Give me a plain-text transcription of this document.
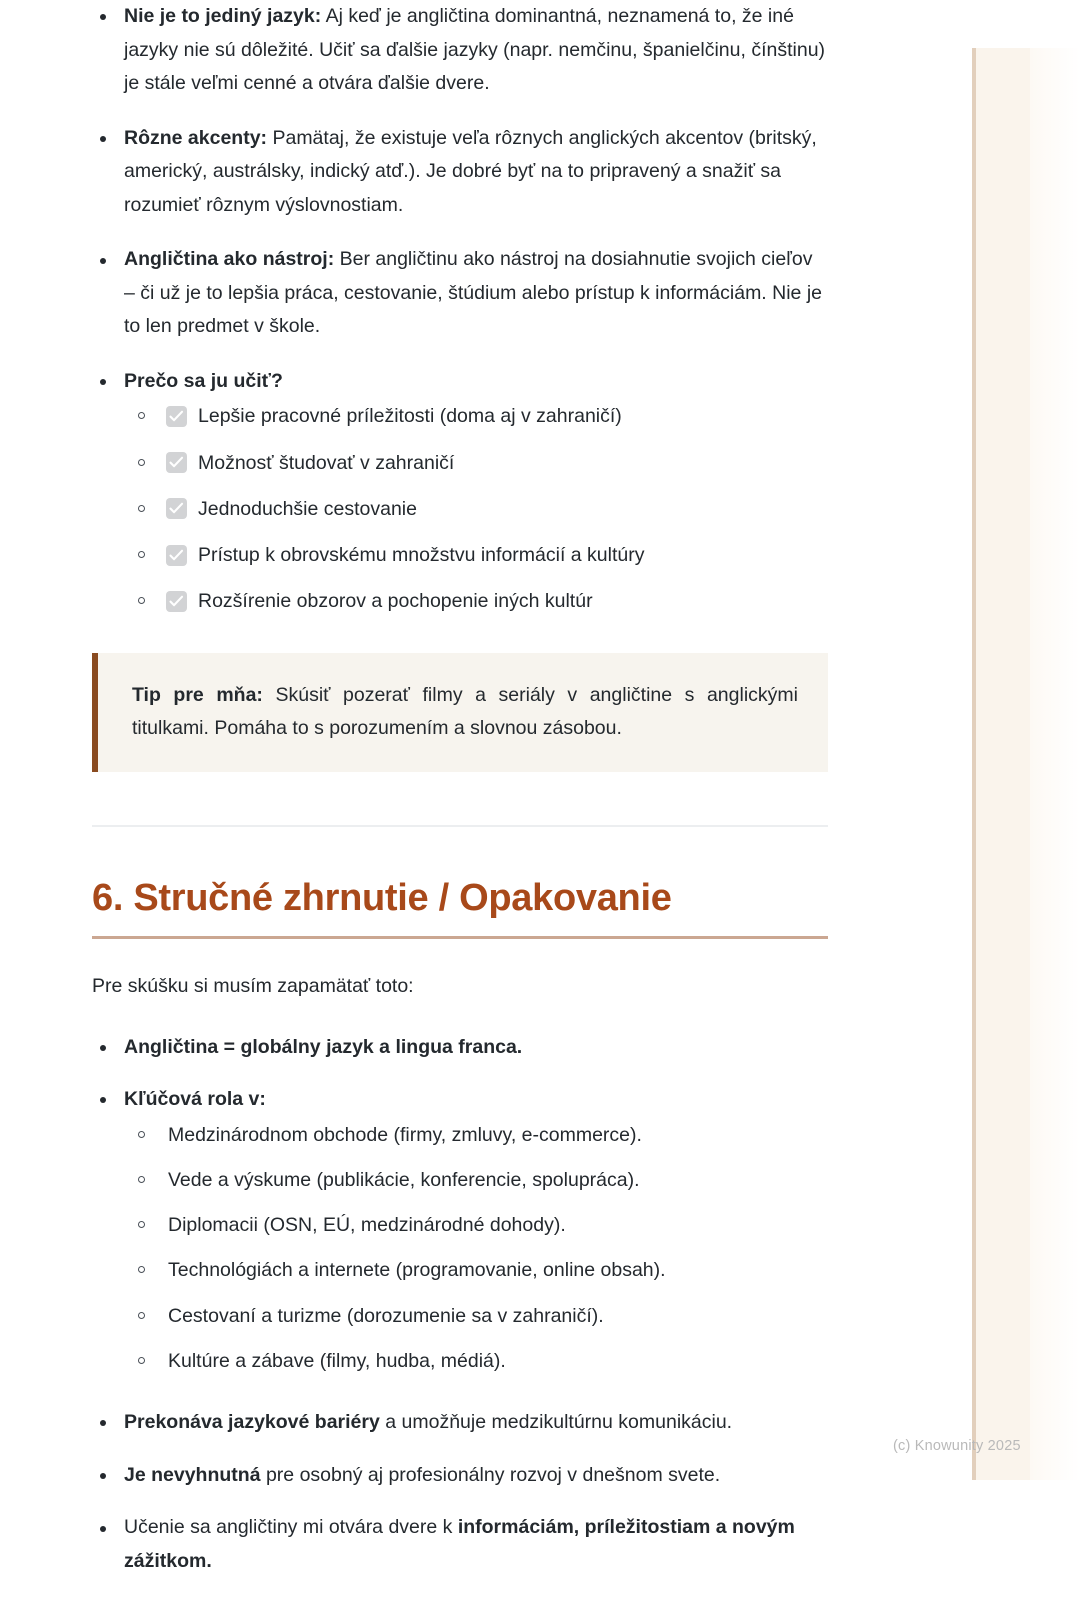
Nie je to jediný jazyk: Aj keď je angličtina dominantná, neznamená to, že iné jazyky nie sú dôležité. Učiť sa ďalšie jazyky (napr. nemčinu, španielčinu, čínštinu) je stále veľmi cenné a otvára ďalšie dvere.
Rôzne akcenty: Pamätaj, že existuje veľa rôznych anglických akcentov (britský, americký, austrálsky, indický atď.). Je dobré byť na to pripravený a snažiť sa rozumieť rôznym výslovnostiam.
Angličtina ako nástroj: Ber angličtinu ako nástroj na dosiahnutie svojich cieľov – či už je to lepšia práca, cestovanie, štúdium alebo prístup k informáciám. Nie je to len predmet v škole.
Prečo sa ju učiť?
Lepšie pracovné príležitosti (doma aj v zahraničí)
Možnosť študovať v zahraničí
Jednoduchšie cestovanie
Prístup k obrovskému množstvu informácií a kultúry
Rozšírenie obzorov a pochopenie iných kultúr

Tip pre mňa: Skúsiť pozerať filmy a seriály v angličtine s anglickými titulkami. Pomáha to s porozumením a slovnou zásobou.

6. Stručné zhrnutie / Opakovanie

Pre skúšku si musím zapamätať toto:

Angličtina = globálny jazyk a lingua franca.
Kľúčová rola v:
Medzinárodnom obchode (firmy, zmluvy, e-commerce).
Vede a výskume (publikácie, konferencie, spolupráca).
Diplomacii (OSN, EÚ, medzinárodné dohody).
Technológiách a internete (programovanie, online obsah).
Cestovaní a turizme (dorozumenie sa v zahraničí).
Kultúre a zábave (filmy, hudba, médiá).
Prekonáva jazykové bariéry a umožňuje medzikultúrnu komunikáciu.
Je nevyhnutná pre osobný aj profesionálny rozvoj v dnešnom svete.
Učenie sa angličtiny mi otvára dvere k informáciám, príležitostiam a novým zážitkom.
(c) Knowunity 2025
